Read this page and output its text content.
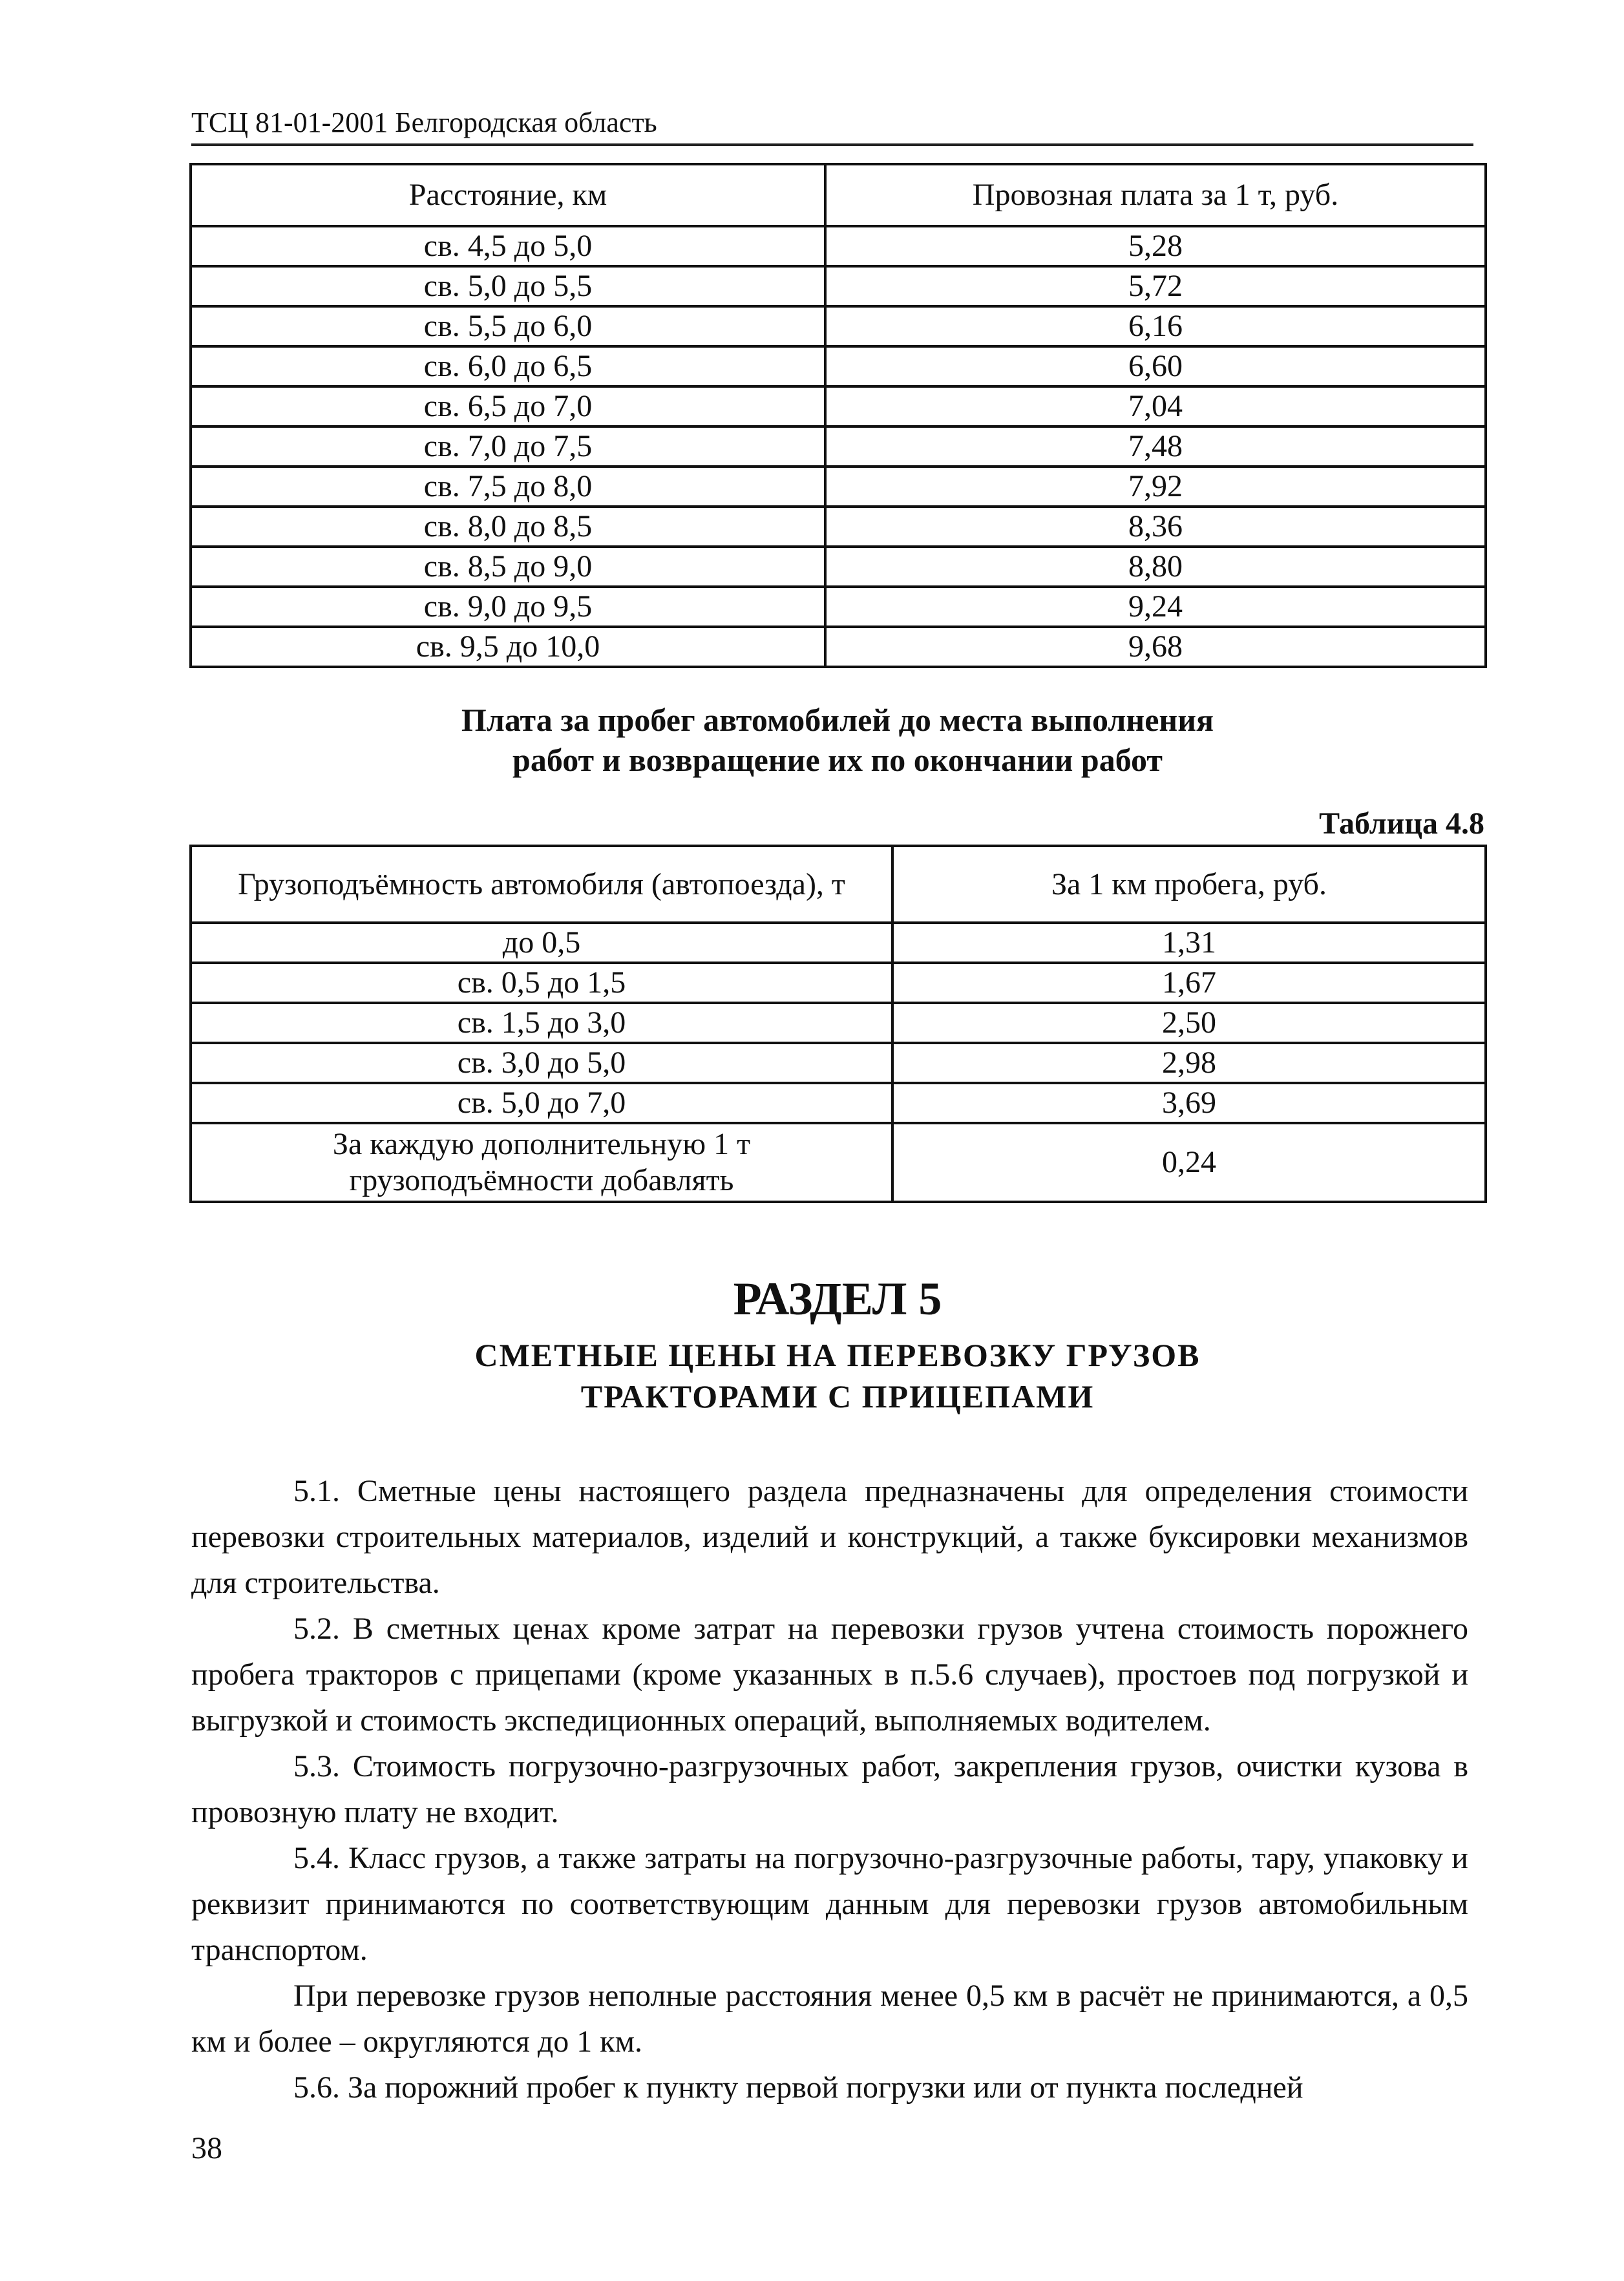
ТСЦ 81-01-2001 Белгородская область
Расстояние, км	Провозная плата за 1 т, руб.
св. 4,5 до 5,0	5,28
св. 5,0 до 5,5	5,72
св. 5,5 до 6,0	6,16
св. 6,0 до 6,5	6,60
св. 6,5 до 7,0	7,04
св. 7,0 до 7,5	7,48
св. 7,5 до 8,0	7,92
св. 8,0 до 8,5	8,36
св. 8,5 до 9,0	8,80
св. 9,0 до 9,5	9,24
св. 9,5 до 10,0	9,68
Плата за пробег автомобилей до места выполнения
работ и возвращение их по окончании работ
Таблица 4.8
Грузоподъёмность автомобиля (автопоезда), т	За 1 км пробега, руб.
до 0,5	1,31
св. 0,5 до 1,5	1,67
св. 1,5 до 3,0	2,50
св. 3,0 до 5,0	2,98
св. 5,0 до 7,0	3,69

За каждую дополнительную 1 т
грузоподъёмности добавлять	0,24
РАЗДЕЛ 5
СМЕТНЫЕ ЦЕНЫ НА ПЕРЕВОЗКУ ГРУЗОВ
ТРАКТОРАМИ С ПРИЦЕПАМИ

5.1. Сметные цены настоящего раздела предназначены для определения стоимости перевозки строительных материалов, изделий и конструкций, а также буксировки механизмов для строительства.

5.2. В сметных ценах кроме затрат на перевозки грузов учтена стоимость порожнего пробега тракторов с прицепами (кроме указанных в п.5.6 случаев), простоев под погрузкой и выгрузкой и стоимость экспедиционных операций, выполняемых водителем.

5.3. Стоимость погрузочно-разгрузочных работ, закрепления грузов, очистки кузова в провозную плату не входит.

5.4. Класс грузов, а также затраты на погрузочно-разгрузочные работы, тару, упаковку и реквизит принимаются по соответствующим данным для перевозки грузов автомобильным транспортом.

При перевозке грузов неполные расстояния менее 0,5 км в расчёт не принимаются, а 0,5 км и более – округляются до 1 км.

5.6. За порожний пробег к пункту первой погрузки или от пункта последней

38
